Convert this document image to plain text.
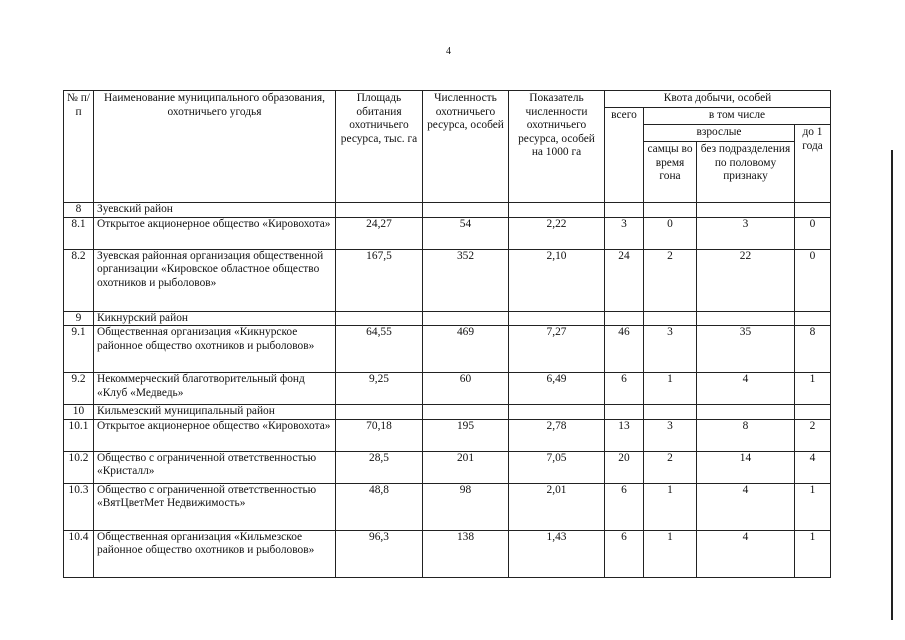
4
№ п/п	Наименование муниципального образования, охотничьего угодья	Площадь обитания охотничьего ресурса, тыс. га	Численность охотничьего ресурса, особей	Показатель численности охотничьего ресурса, особей на 1000 га	Квота добычи, особей			
					всего	в том числе		
						взрослые		до 1 года
						самцы во время гона	без подразделения по половому признаку	
8	Зуевский район							
8.1	Открытое акционерное общество «Кировохота»	24,27	54	2,22	3	0	3	0
8.2	Зуевская районная организация общественной организации «Кировское областное общество охотников и рыболовов»	167,5	352	2,10	24	2	22	0
9	Кикнурский район							
9.1	Общественная организация «Кикнурское районное общество охотников и рыболовов»	64,55	469	7,27	46	3	35	8
9.2	Некоммерческий благотворительный фонд «Клуб «Медведь»	9,25	60	6,49	6	1	4	1
10	Кильмезский муниципальный район							
10.1	Открытое акционерное общество «Кировохота»	70,18	195	2,78	13	3	8	2
10.2	Общество с ограниченной ответственностью «Кристалл»	28,5	201	7,05	20	2	14	4
10.3	Общество с ограниченной ответственностью «ВятЦветМет Недвижимость»	48,8	98	2,01	6	1	4	1
10.4	Общественная организация «Кильмезское районное общество охотников и рыболовов»	96,3	138	1,43	6	1	4	1
